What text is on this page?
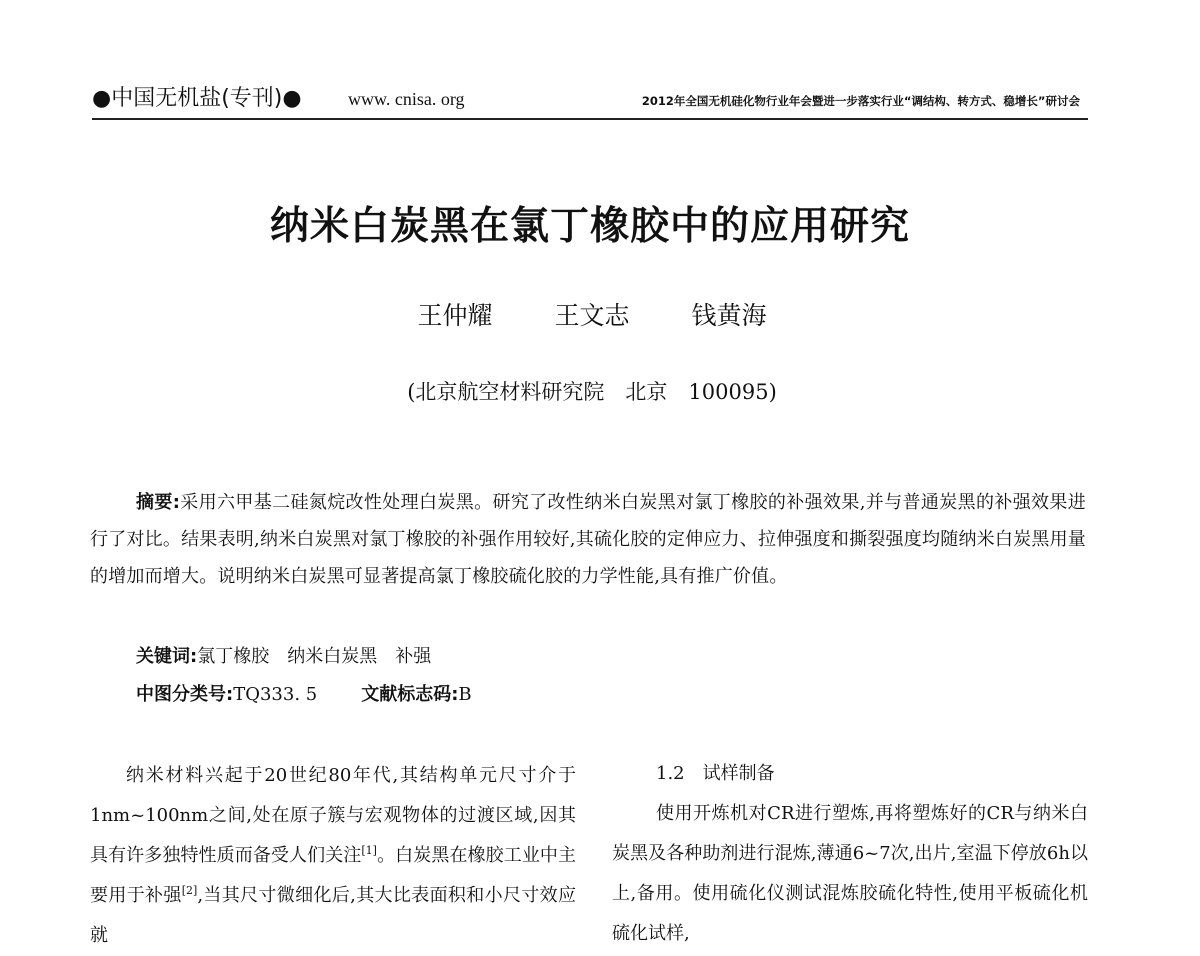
●中国无机盐(专刊)●	www. cnisa. org	2012年全国无机硅化物行业年会暨进一步落实行业“调结构、转方式、稳增长”研讨会
纳米白炭黑在氯丁橡胶中的应用研究
王仲耀 王文志 钱黄海
(北京航空材料研究院　北京　100095)
摘要:采用六甲基二硅氮烷改性处理白炭黑。研究了改性纳米白炭黑对氯丁橡胶的补强效果,并与普通炭黑的补强效果进行了对比。结果表明,纳米白炭黑对氯丁橡胶的补强作用较好,其硫化胶的定伸应力、拉伸强度和撕裂强度均随纳米白炭黑用量的增加而增大。说明纳米白炭黑可显著提高氯丁橡胶硫化胶的力学性能,具有推广价值。
关键词:氯丁橡胶　纳米白炭黑　补强
中图分类号:TQ333. 5 文献标志码:B
纳米材料兴起于20世纪80年代,其结构单元尺寸介于1nm~100nm之间,处在原子簇与宏观物体的过渡区域,因其具有许多独特性质而备受人们关注[1]。白炭黑在橡胶工业中主要用于补强[2],当其尺寸微细化后,其大比表面积和小尺寸效应就
1.2　试样制备
使用开炼机对CR进行塑炼,再将塑炼好的CR与纳米白炭黑及各种助剂进行混炼,薄通6~7次,出片,室温下停放6h以上,备用。使用硫化仪测试混炼胶硫化特性,使用平板硫化机硫化试样,
